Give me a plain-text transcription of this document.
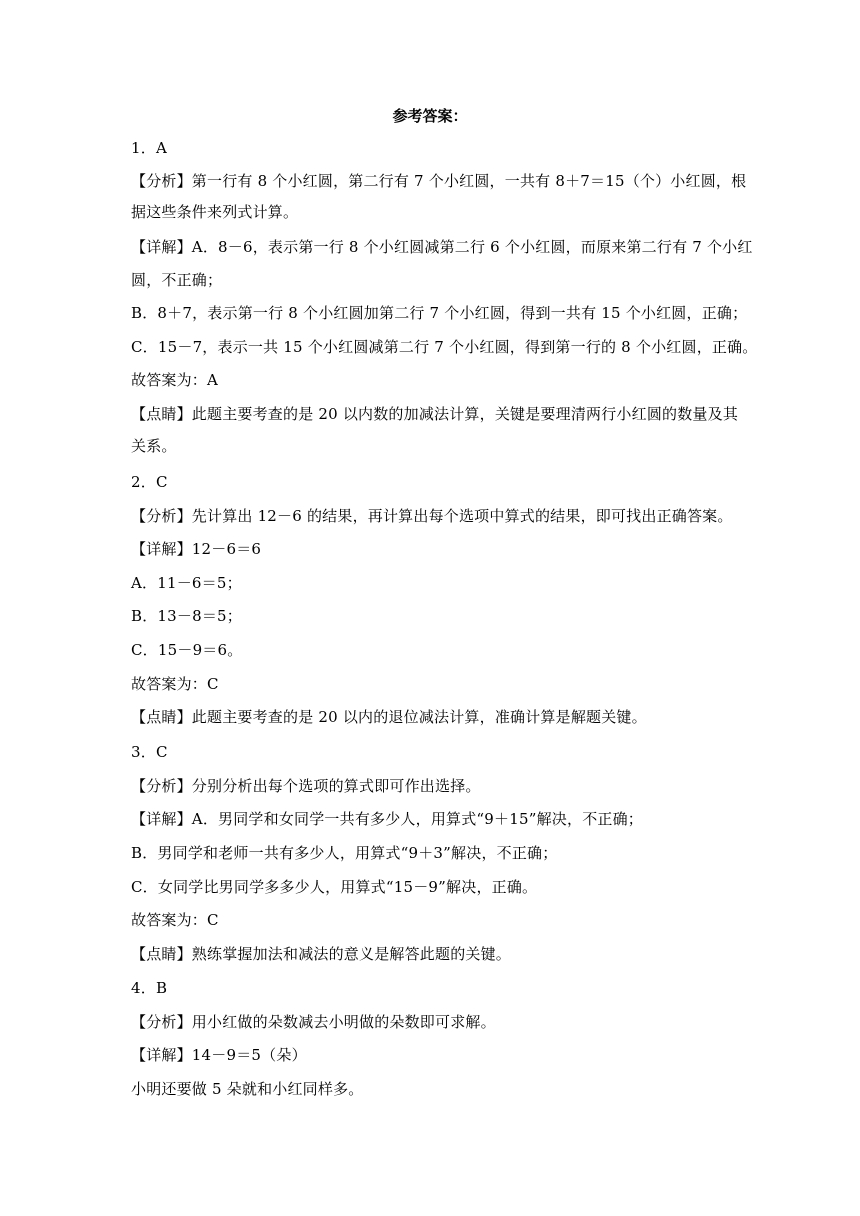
参考答案：
1．A
【分析】第一行有 8 个小红圆，第二行有 7 个小红圆，一共有 8＋7＝15（个）小红圆，根
据这些条件来列式计算。
【详解】A．8－6，表示第一行 8 个小红圆减第二行 6 个小红圆，而原来第二行有 7 个小红
圆，不正确；
B．8＋7，表示第一行 8 个小红圆加第二行 7 个小红圆，得到一共有 15 个小红圆，正确；
C．15－7，表示一共 15 个小红圆减第二行 7 个小红圆，得到第一行的 8 个小红圆，正确。
故答案为：A
【点睛】此题主要考查的是 20 以内数的加减法计算，关键是要理清两行小红圆的数量及其
关系。
2．C
【分析】先计算出 12－6 的结果，再计算出每个选项中算式的结果，即可找出正确答案。
【详解】12－6＝6
A．11－6＝5；
B．13－8＝5；
C．15－9＝6。
故答案为：C
【点睛】此题主要考查的是 20 以内的退位减法计算，准确计算是解题关键。
3．C
【分析】分别分析出每个选项的算式即可作出选择。
【详解】A．男同学和女同学一共有多少人，用算式“9＋15”解决，不正确；
B．男同学和老师一共有多少人，用算式“9＋3”解决，不正确；
C．女同学比男同学多多少人，用算式“15－9”解决，正确。
故答案为：C
【点睛】熟练掌握加法和减法的意义是解答此题的关键。
4．B
【分析】用小红做的朵数减去小明做的朵数即可求解。
【详解】14－9＝5（朵）
小明还要做 5 朵就和小红同样多。
